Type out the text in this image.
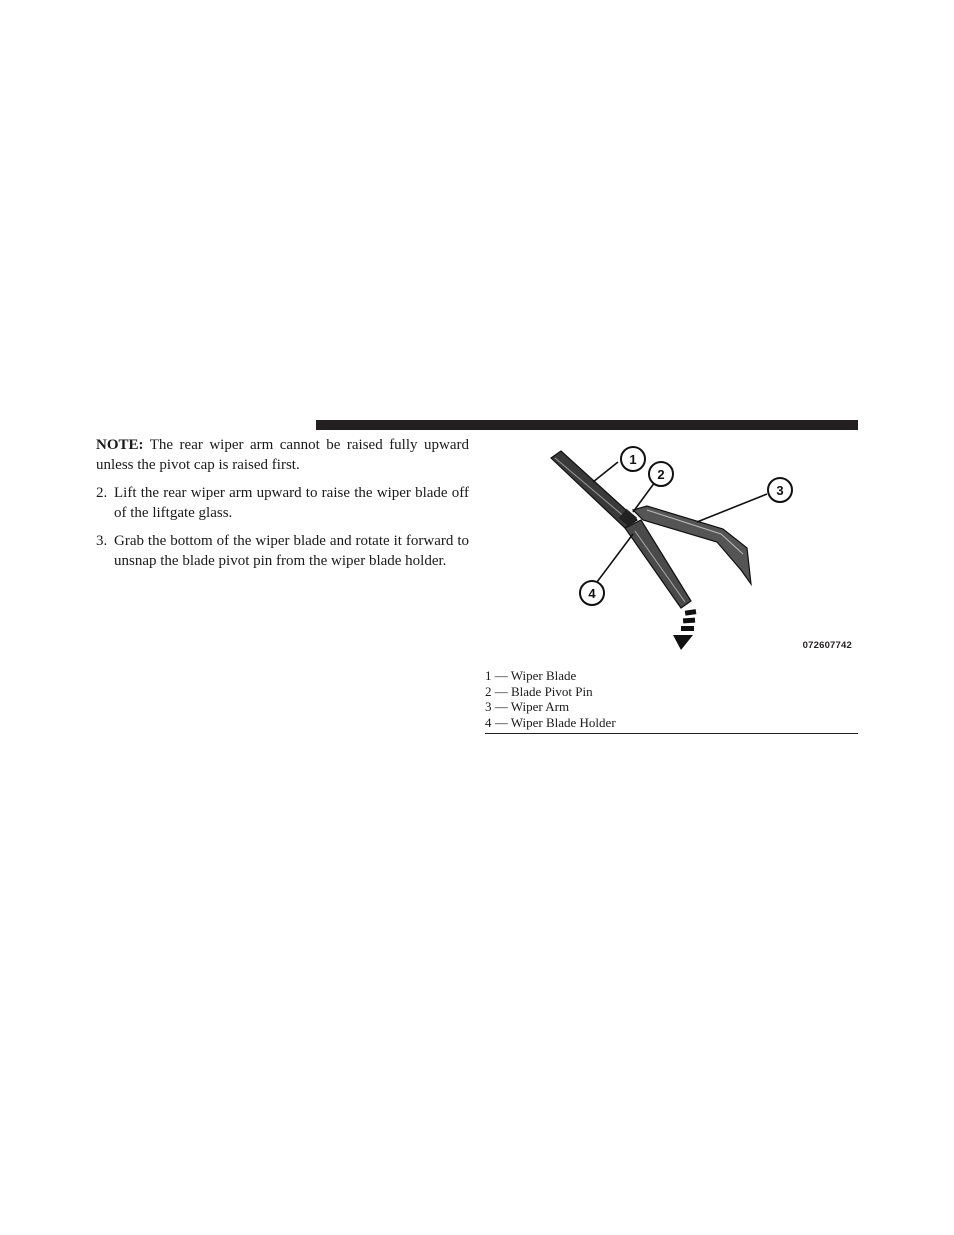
NOTE: The rear wiper arm cannot be raised fully upward unless the pivot cap is raised first.

2. Lift the rear wiper arm upward to raise the wiper blade off of the liftgate glass.
3. Grab the bottom of the wiper blade and rotate it forward to unsnap the blade pivot pin from the wiper blade holder.
1
2
3
4
072607742

1 — Wiper Blade

2 — Blade Pivot Pin

3 — Wiper Arm

4 — Wiper Blade Holder
